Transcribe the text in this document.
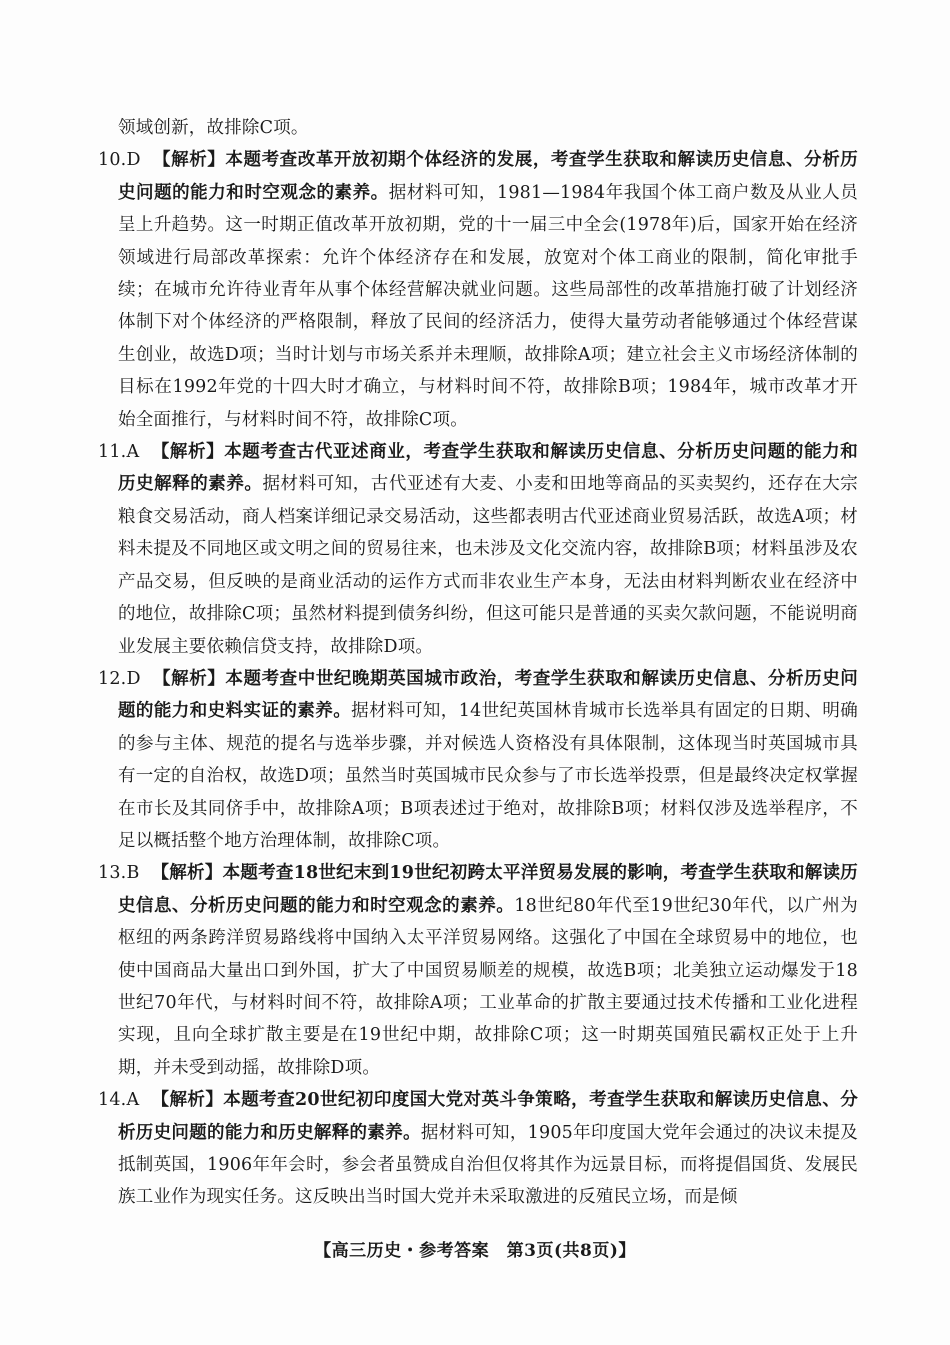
领域创新，故排除C项。

10.D 【解析】本题考查改革开放初期个体经济的发展，考查学生获取和解读历史信息、分析历史问题的能力和时空观念的素养。据材料可知，1981—1984年我国个体工商户数及从业人员呈上升趋势。这一时期正值改革开放初期，党的十一届三中全会(1978年)后，国家开始在经济领域进行局部改革探索：允许个体经济存在和发展，放宽对个体工商业的限制，简化审批手续；在城市允许待业青年从事个体经营解决就业问题。这些局部性的改革措施打破了计划经济体制下对个体经济的严格限制，释放了民间的经济活力，使得大量劳动者能够通过个体经营谋生创业，故选D项；当时计划与市场关系并未理顺，故排除A项；建立社会主义市场经济体制的目标在1992年党的十四大时才确立，与材料时间不符，故排除B项；1984年，城市改革才开始全面推行，与材料时间不符，故排除C项。

11.A 【解析】本题考查古代亚述商业，考查学生获取和解读历史信息、分析历史问题的能力和历史解释的素养。据材料可知，古代亚述有大麦、小麦和田地等商品的买卖契约，还存在大宗粮食交易活动，商人档案详细记录交易活动，这些都表明古代亚述商业贸易活跃，故选A项；材料未提及不同地区或文明之间的贸易往来，也未涉及文化交流内容，故排除B项；材料虽涉及农产品交易，但反映的是商业活动的运作方式而非农业生产本身，无法由材料判断农业在经济中的地位，故排除C项；虽然材料提到债务纠纷，但这可能只是普通的买卖欠款问题，不能说明商业发展主要依赖信贷支持，故排除D项。

12.D 【解析】本题考查中世纪晚期英国城市政治，考查学生获取和解读历史信息、分析历史问题的能力和史料实证的素养。据材料可知，14世纪英国林肯城市长选举具有固定的日期、明确的参与主体、规范的提名与选举步骤，并对候选人资格没有具体限制，这体现当时英国城市具有一定的自治权，故选D项；虽然当时英国城市民众参与了市长选举投票，但是最终决定权掌握在市长及其同侪手中，故排除A项；B项表述过于绝对，故排除B项；材料仅涉及选举程序，不足以概括整个地方治理体制，故排除C项。

13.B 【解析】本题考查18世纪末到19世纪初跨太平洋贸易发展的影响，考查学生获取和解读历史信息、分析历史问题的能力和时空观念的素养。18世纪80年代至19世纪30年代，以广州为枢纽的两条跨洋贸易路线将中国纳入太平洋贸易网络。这强化了中国在全球贸易中的地位，也使中国商品大量出口到外国，扩大了中国贸易顺差的规模，故选B项；北美独立运动爆发于18世纪70年代，与材料时间不符，故排除A项；工业革命的扩散主要通过技术传播和工业化进程实现，且向全球扩散主要是在19世纪中期，故排除C项；这一时期英国殖民霸权正处于上升期，并未受到动摇，故排除D项。

14.A 【解析】本题考查20世纪初印度国大党对英斗争策略，考查学生获取和解读历史信息、分析历史问题的能力和历史解释的素养。据材料可知，1905年印度国大党年会通过的决议未提及抵制英国，1906年年会时，参会者虽赞成自治但仅将其作为远景目标，而将提倡国货、发展民族工业作为现实任务。这反映出当时国大党并未采取激进的反殖民立场，而是倾

【高三历史・参考答案　第3页(共8页)】
